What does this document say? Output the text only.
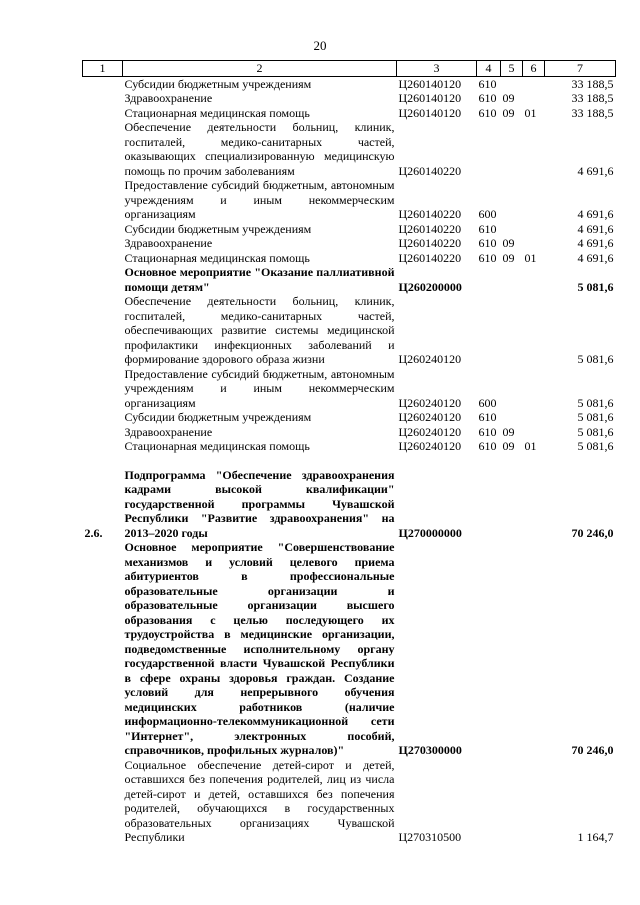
20
1	2	3	4	5	6	7
	Субсидии бюджетным учреждениям	Ц260140120	610			33 188,5
	Здравоохранение	Ц260140120	610	09		33 188,5
	Стационарная медицинская помощь	Ц260140120	610	09	01	33 188,5
	Обеспечение деятельности больниц, клиник, госпиталей, медико-санитарных частей, оказывающих специализированную медицинскую помощь по прочим заболеваниям	Ц260140220				4 691,6
	Предоставление субсидий бюджетным, автономным учреждениям и иным некоммерческим организациям	Ц260140220	600			4 691,6
	Субсидии бюджетным учреждениям	Ц260140220	610			4 691,6
	Здравоохранение	Ц260140220	610	09		4 691,6
	Стационарная медицинская помощь	Ц260140220	610	09	01	4 691,6
	Основное мероприятие "Оказание паллиативной помощи детям"	Ц260200000				5 081,6
	Обеспечение деятельности больниц, клиник, госпиталей, медико-санитарных частей, обеспечивающих развитие системы медицинской профилактики инфекционных заболеваний и формирование здорового образа жизни	Ц260240120				5 081,6
	Предоставление субсидий бюджетным, автономным учреждениям и иным некоммерческим организациям	Ц260240120	600			5 081,6
	Субсидии бюджетным учреждениям	Ц260240120	610			5 081,6
	Здравоохранение	Ц260240120	610	09		5 081,6
	Стационарная медицинская помощь	Ц260240120	610	09	01	5 081,6

2.6.	Подпрограмма "Обеспечение здравоохранения кадрами высокой квалификации" государственной программы Чувашской Республики "Развитие здравоохранения" на 2013–2020 годы	Ц270000000				70 246,0
	Основное мероприятие "Совершенствование механизмов и условий целевого приема абитуриентов в профессиональные образовательные организации и образовательные организации высшего образования с целью последующего их трудоустройства в медицинские организации, подведомственные исполнительному органу государственной власти Чувашской Республики в сфере охраны здоровья граждан. Создание условий для непрерывного обучения медицинских работников (наличие информационно-телекоммуникационной сети "Интернет", электронных пособий, справочников, профильных журналов)"	Ц270300000				70 246,0
	Социальное обеспечение детей-сирот и детей, оставшихся без попечения родителей, лиц из числа детей-сирот и детей, оставшихся без попечения родителей, обучающихся в государственных образовательных организациях Чувашской Республики	Ц270310500				1 164,7
